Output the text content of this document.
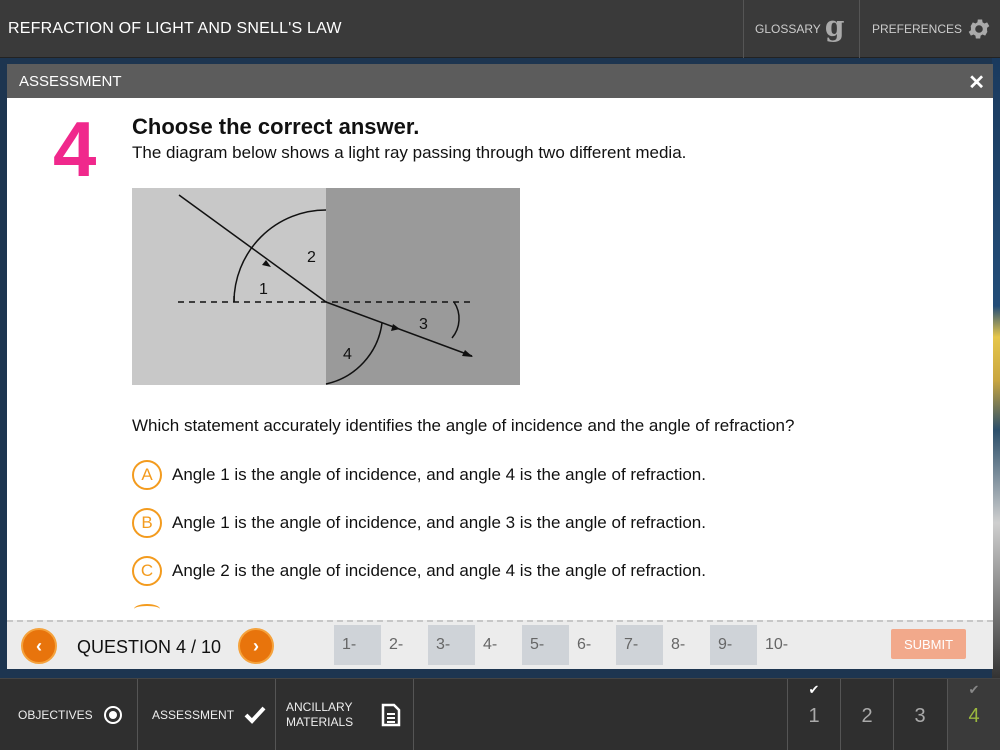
REFRACTION OF LIGHT AND SNELL'S LAW	GLOSSARY g PREFERENCES
ASSESSMENT	✕
4 Choose the correct answer.
The diagram below shows a light ray passing through two different media.
1
2
3
4
Which statement accurately identifies the angle of incidence and the angle of refraction?
A	Angle 1 is the angle of incidence, and angle 4 is the angle of refraction.
B	Angle 1 is the angle of incidence, and angle 3 is the angle of refraction.
C	Angle 2 is the angle of incidence, and angle 4 is the angle of refraction.
‹	QUESTION 4 / 10	›	1-	2-	3-	4-	5-	6-	7-	8-	9-	10-	SUBMIT
OBJECTIVES	ASSESSMENT
ANCILLARY
MATERIALS
✔
1 2 3
✔
4
